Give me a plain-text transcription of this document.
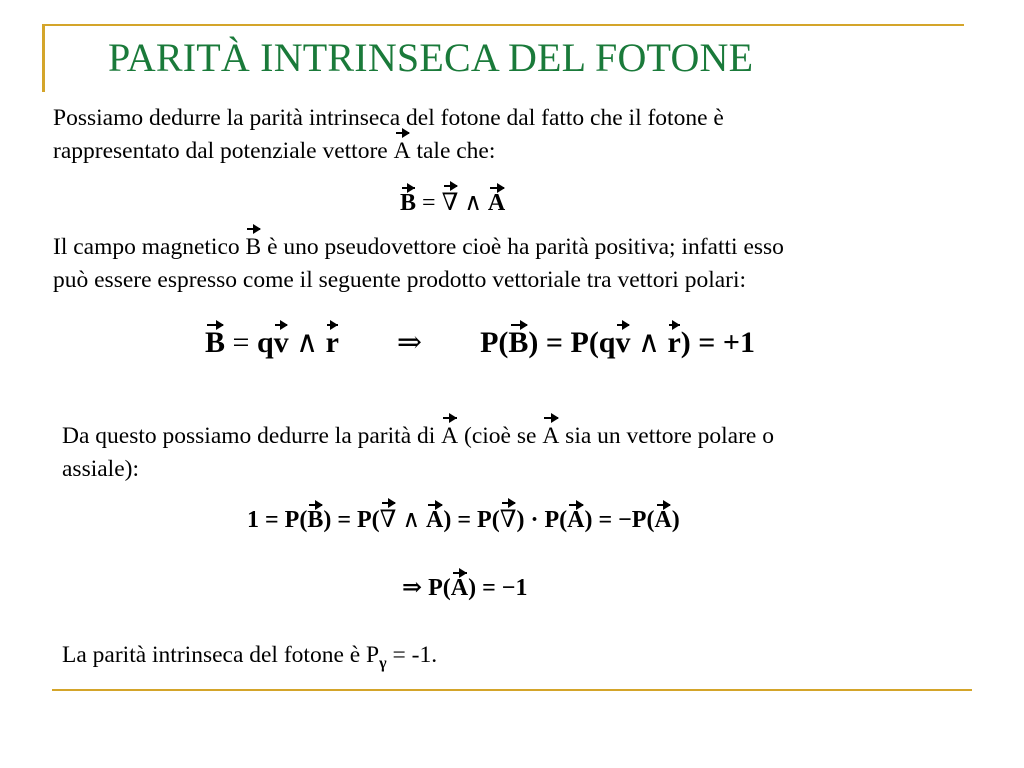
PARITÀ INTRINSECA DEL FOTONE
Possiamo dedurre la parità intrinseca del fotone dal fatto che il fotone è
rappresentato dal potenziale vettore A tale che:
B = ∇ ∧ A
Il campo magnetico B è uno pseudovettore cioè ha parità positiva; infatti esso
può essere espresso come il seguente prodotto vettoriale tra vettori polari:
B = qv ∧ r ⇒ P(B) = P(qv ∧ r) = +1
Da questo possiamo dedurre la parità di A (cioè se A sia un vettore polare o
assiale):
1 = P(B) = P(∇ ∧ A) = P(∇) · P(A) = −P(A)
⇒ P(A) = −1
La parità intrinseca del fotone è $P_\gamma = -1$.
